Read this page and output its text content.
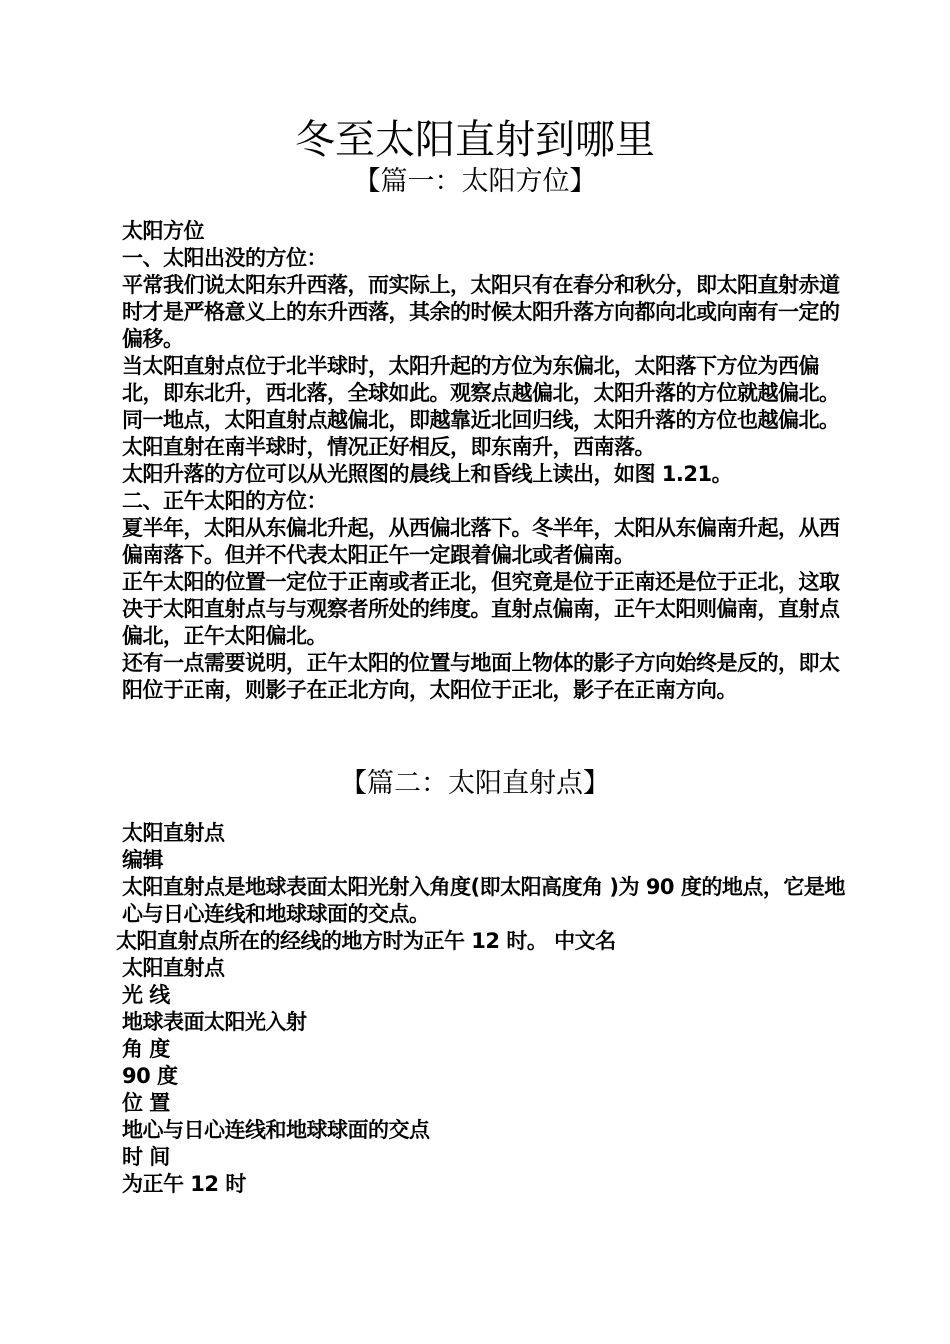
冬至太阳直射到哪里
【篇一：太阳方位】

太阳方位

一、太阳出没的方位：

平常我们说太阳东升西落，而实际上，太阳只有在春分和秋分，即太阳直射赤道时才是严格意义上的东升西落，其余的时候太阳升落方向都向北或向南有一定的偏移。

当太阳直射点位于北半球时，太阳升起的方位为东偏北，太阳落下方位为西偏北，即东北升，西北落，全球如此。观察点越偏北，太阳升落的方位就越偏北。同一地点，太阳直射点越偏北，即越靠近北回归线，太阳升落的方位也越偏北。太阳直射在南半球时，情况正好相反，即东南升，西南落。

太阳升落的方位可以从光照图的晨线上和昏线上读出，如图 1.21。

二、正午太阳的方位：

夏半年，太阳从东偏北升起，从西偏北落下。冬半年，太阳从东偏南升起，从西偏南落下。但并不代表太阳正午一定跟着偏北或者偏南。

正午太阳的位置一定位于正南或者正北，但究竟是位于正南还是位于正北，这取决于太阳直射点与与观察者所处的纬度。直射点偏南，正午太阳则偏南，直射点偏北，正午太阳偏北。

还有一点需要说明，正午太阳的位置与地面上物体的影子方向始终是反的，即太阳位于正南，则影子在正北方向，太阳位于正北，影子在正南方向。

【篇二：太阳直射点】

太阳直射点

编辑

太阳直射点是地球表面太阳光射入角度(即太阳高度角 )为 90 度的地点，它是地心与日心连线和地球球面的交点。

太阳直射点所在的经线的地方时为正午 12 时。 中文名

太阳直射点

光 线

地球表面太阳光入射

角 度

90 度

位 置

地心与日心连线和地球球面的交点

时 间

为正午 12 时
